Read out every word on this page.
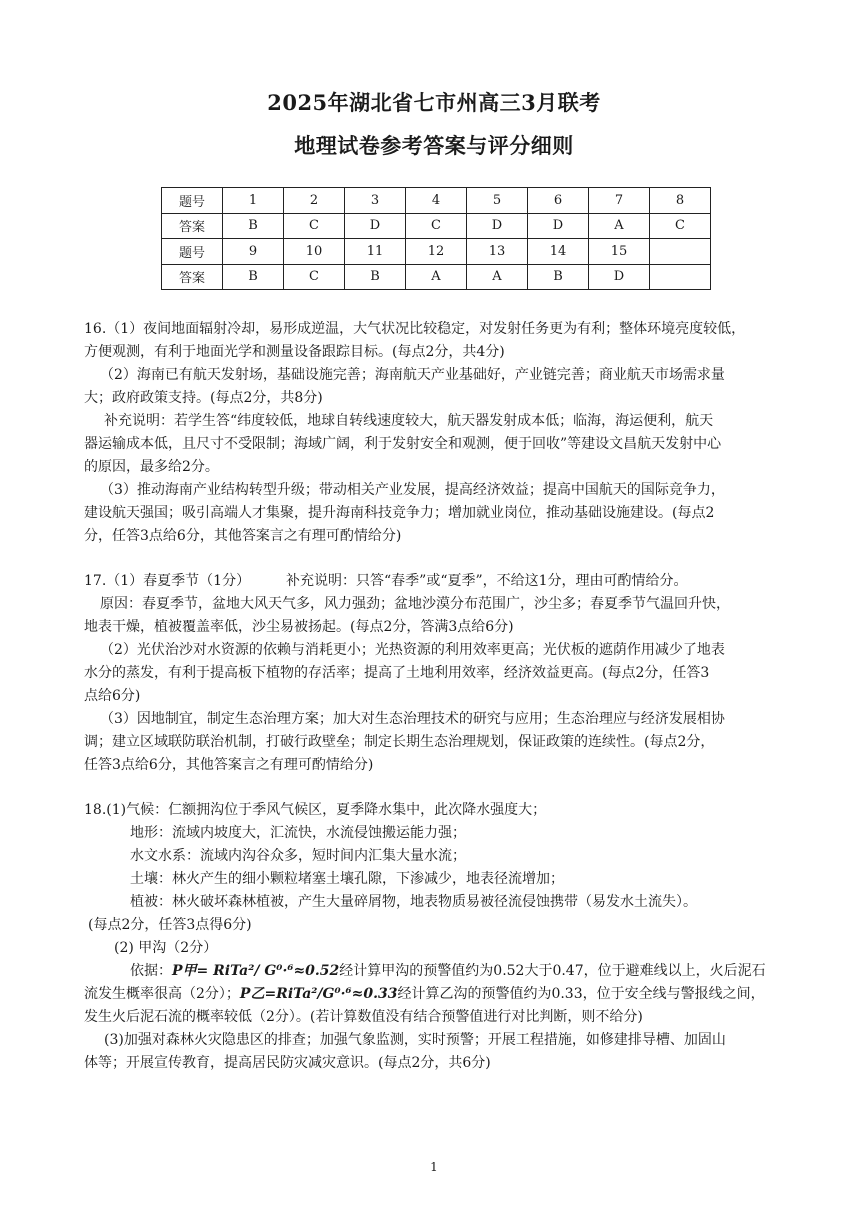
2025年湖北省七市州高三3月联考
地理试卷参考答案与评分细则
题号	1	2	3	4	5	6	7	8
答案	B	C	D	C	D	D	A	C
题号	9	10	11	12	13	14	15	
答案	B	C	B	A	A	B	D	
16.（1）夜间地面辐射冷却，易形成逆温，大气状况比较稳定，对发射任务更为有利；整体环境亮度较低，
方便观测，有利于地面光学和测量设备跟踪目标。(每点2分，共4分)
（2）海南已有航天发射场，基础设施完善；海南航天产业基础好，产业链完善；商业航天市场需求量
大；政府政策支持。(每点2分，共8分)
补充说明：若学生答“纬度较低，地球自转线速度较大，航天器发射成本低；临海，海运便利，航天
器运输成本低，且尺寸不受限制；海域广阔，利于发射安全和观测，便于回收”等建设文昌航天发射中心
的原因，最多给2分。
（3）推动海南产业结构转型升级；带动相关产业发展，提高经济效益；提高中国航天的国际竞争力，
建设航天强国；吸引高端人才集聚，提升海南科技竞争力；增加就业岗位，推动基础设施建设。(每点2
分，任答3点给6分，其他答案言之有理可酌情给分)
17.（1）春夏季节（1分）	补充说明：只答“春季”或“夏季”，不给这1分，理由可酌情给分。
原因：春夏季节，盆地大风天气多，风力强劲；盆地沙漠分布范围广，沙尘多；春夏季节气温回升快，
地表干燥，植被覆盖率低，沙尘易被扬起。(每点2分，答满3点给6分)
（2）光伏治沙对水资源的依赖与消耗更小；光热资源的利用效率更高；光伏板的遮荫作用减少了地表
水分的蒸发，有利于提高板下植物的存活率；提高了土地利用效率，经济效益更高。(每点2分，任答3
点给6分)
（3）因地制宜，制定生态治理方案；加大对生态治理技术的研究与应用；生态治理应与经济发展相协
调；建立区域联防联治机制，打破行政壁垒；制定长期生态治理规划，保证政策的连续性。(每点2分，
任答3点给6分，其他答案言之有理可酌情给分)
18.(1)气候：仁额拥沟位于季风气候区，夏季降水集中，此次降水强度大；
地形：流域内坡度大，汇流快，水流侵蚀搬运能力强；
水文水系：流域内沟谷众多，短时间内汇集大量水流；
土壤：林火产生的细小颗粒堵塞土壤孔隙，下渗减少，地表径流增加；
植被：林火破坏森林植被，产生大量碎屑物，地表物质易被径流侵蚀携带（易发水土流失）。
(每点2分，任答3点得6分)
(2) 甲沟（2分）
依据：P甲= RiTa²/ G⁰·⁶≈0.52经计算甲沟的预警值约为0.52大于0.47，位于避难线以上，火后泥石
流发生概率很高（2分）；P乙=RiTa²/G⁰·⁶≈0.33经计算乙沟的预警值约为0.33，位于安全线与警报线之间，
发生火后泥石流的概率较低（2分）。(若计算数值没有结合预警值进行对比判断，则不给分)
(3)加强对森林火灾隐患区的排查；加强气象监测，实时预警；开展工程措施，如修建排导槽、加固山
体等；开展宣传教育，提高居民防灾减灾意识。(每点2分，共6分)
1
